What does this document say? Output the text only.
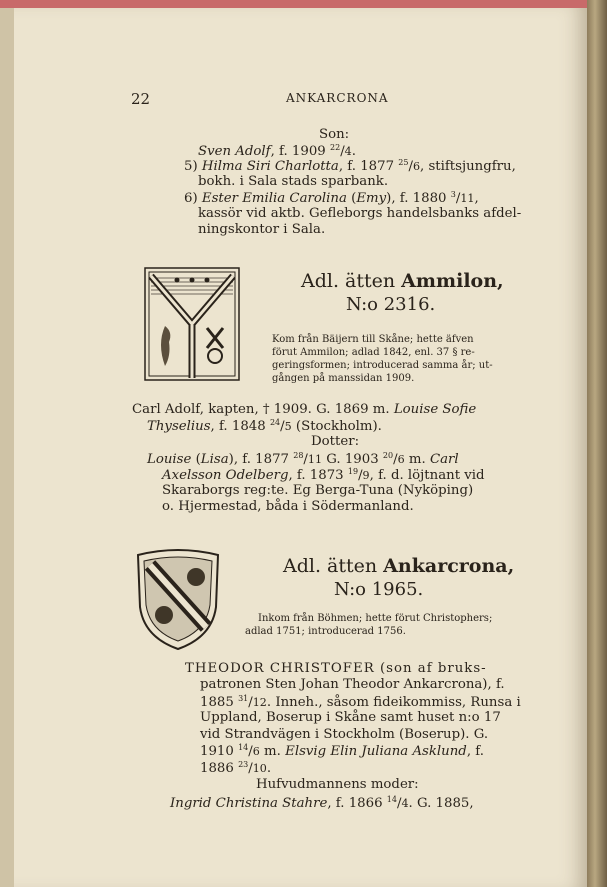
22	ANKARCRONA
Son:
Sven Adolf, f. 1909 $^{22}$/4.
5) Hilma Siri Charlotta, f. 1877 $^{25}$/6, stiftsjungfru,
bokh. i Sala stads sparbank.
6) Ester Emilia Carolina (Emy), f. 1880 $^3$/11,
kassör vid aktb. Gefleborgs handelsbanks afdel-
ningskontor i Sala.
Adl. ätten Ammilon,
N:o 2316.
Kom från Bäijern till Skåne; hette äfven
förut Ammilon; adlad 1842, enl. 37 § re-
geringsformen; introducerad samma år; ut-
gången på manssidan 1909.
Carl Adolf, kapten, † 1909. G. 1869 m. Louise Sofie
Thyselius, f. 1848 $^{24}$/5 (Stockholm).
Dotter:
Louise (Lisa), f. 1877 $^{28}$/11 G. 1903 $^{20}$/6 m. Carl
Axelsson Odelberg, f. 1873 $^{19}$/9, f. d. löjtnant vid
Skaraborgs reg:te. Eg Berga-Tuna (Nyköping)
o. Hjermestad, båda i Södermanland.
Adl. ätten Ankarcrona,
N:o 1965.
Inkom från Böhmen; hette förut Christophers;
adlad 1751; introducerad 1756.
THEODOR CHRISTOFER (son af bruks-
patronen Sten Johan Theodor Ankarcrona), f.
1885 $^{31}$/12. Inneh., såsom fideikommiss, Runsa i
Uppland, Boserup i Skåne samt huset n:o 17
vid Strandvägen i Stockholm (Boserup). G.
1910 $^{14}$/6 m. Elsvig Elin Juliana Asklund, f.
1886 $^{23}$/10.
Hufvudmannens moder:
Ingrid Christina Stahre, f. 1866 $^{14}$/4. G. 1885,
